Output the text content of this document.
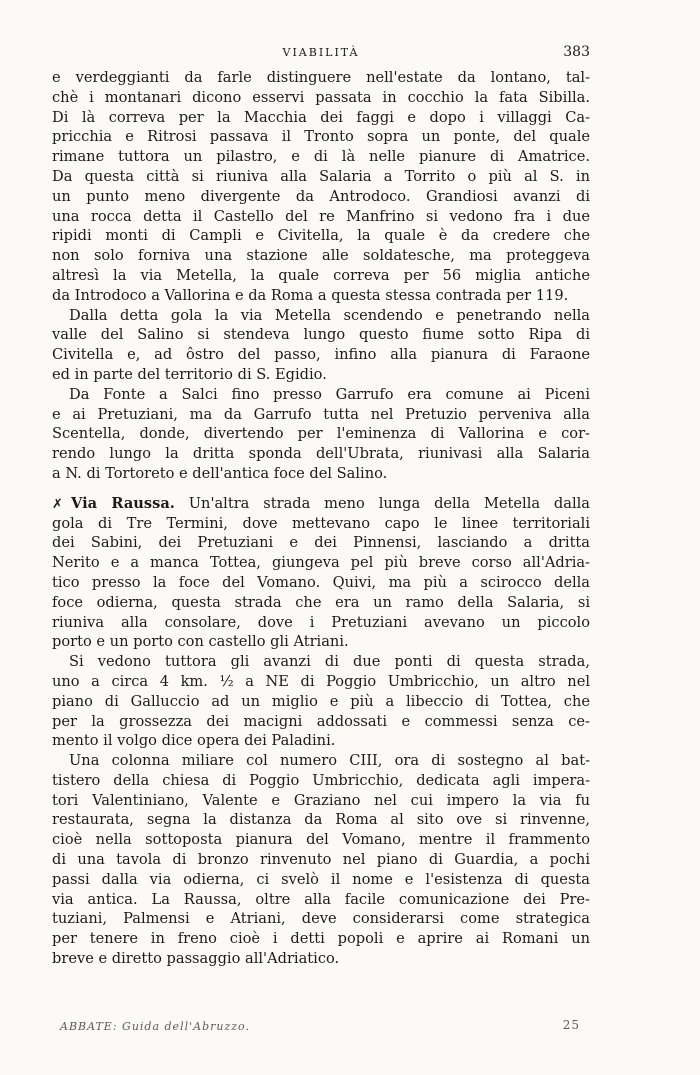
VIABILITÀ	383
e verdeggianti da farle distinguere nell'estate da lontano, tal-
chè i montanari dicono esservi passata in cocchio la fata Sibilla.
Di là correva per la Macchia dei faggi e dopo i villaggi Ca-
pricchia e Ritrosi passava il Tronto sopra un ponte, del quale
rimane tuttora un pilastro, e di là nelle pianure di Amatrice.
Da questa città si riuniva alla Salaria a Torrito o più al S. in
un punto meno divergente da Antrodoco. Grandiosi avanzi di
una rocca detta il Castello del re Manfrino si vedono fra i due
ripidi monti di Campli e Civitella, la quale è da credere che
non solo forniva una stazione alle soldatesche, ma proteggeva
altresì la via Metella, la quale correva per 56 miglia antiche
da Introdoco a Vallorina e da Roma a questa stessa contrada per 119.
Dalla detta gola la via Metella scendendo e penetrando nella
valle del Salino si stendeva lungo questo fiume sotto Ripa di
Civitella e, ad ôstro del passo, infino alla pianura di Faraone
ed in parte del territorio di S. Egidio.
Da Fonte a Salci fino presso Garrufo era comune ai Piceni
e ai Pretuziani, ma da Garrufo tutta nel Pretuzio perveniva alla
Scentella, donde, divertendo per l'eminenza di Vallorina e cor-
rendo lungo la dritta sponda dell'Ubrata, riunivasi alla Salaria
a N. di Tortoreto e dell'antica foce del Salino.
✗ Via Raussa. Un'altra strada meno lunga della Metella dalla
gola di Tre Termini, dove mettevano capo le linee territoriali
dei Sabini, dei Pretuziani e dei Pinnensi, lasciando a dritta
Nerito e a manca Tottea, giungeva pel più breve corso all'Adria-
tico presso la foce del Vomano. Quivi, ma più a scirocco della
foce odierna, questa strada che era un ramo della Salaria, si
riuniva alla consolare, dove i Pretuziani avevano un piccolo
porto e un porto con castello gli Atriani.
Si vedono tuttora gli avanzi di due ponti di questa strada,
uno a circa 4 km. ½ a NE di Poggio Umbricchio, un altro nel
piano di Galluccio ad un miglio e più a libeccio di Tottea, che
per la grossezza dei macigni addossati e commessi senza ce-
mento il volgo dice opera dei Paladini.
Una colonna miliare col numero CIII, ora di sostegno al bat-
tistero della chiesa di Poggio Umbricchio, dedicata agli impera-
tori Valentiniano, Valente e Graziano nel cui impero la via fu
restaurata, segna la distanza da Roma al sito ove si rinvenne,
cioè nella sottoposta pianura del Vomano, mentre il frammento
di una tavola di bronzo rinvenuto nel piano di Guardia, a pochi
passi dalla via odierna, ci svelò il nome e l'esistenza di questa
via antica. La Raussa, oltre alla facile comunicazione dei Pre-
tuziani, Palmensi e Atriani, deve considerarsi come strategica
per tenere in freno cioè i detti popoli e aprire ai Romani un
breve e diretto passaggio all'Adriatico.
ABBATE: Guida dell'Abruzzo.	25
